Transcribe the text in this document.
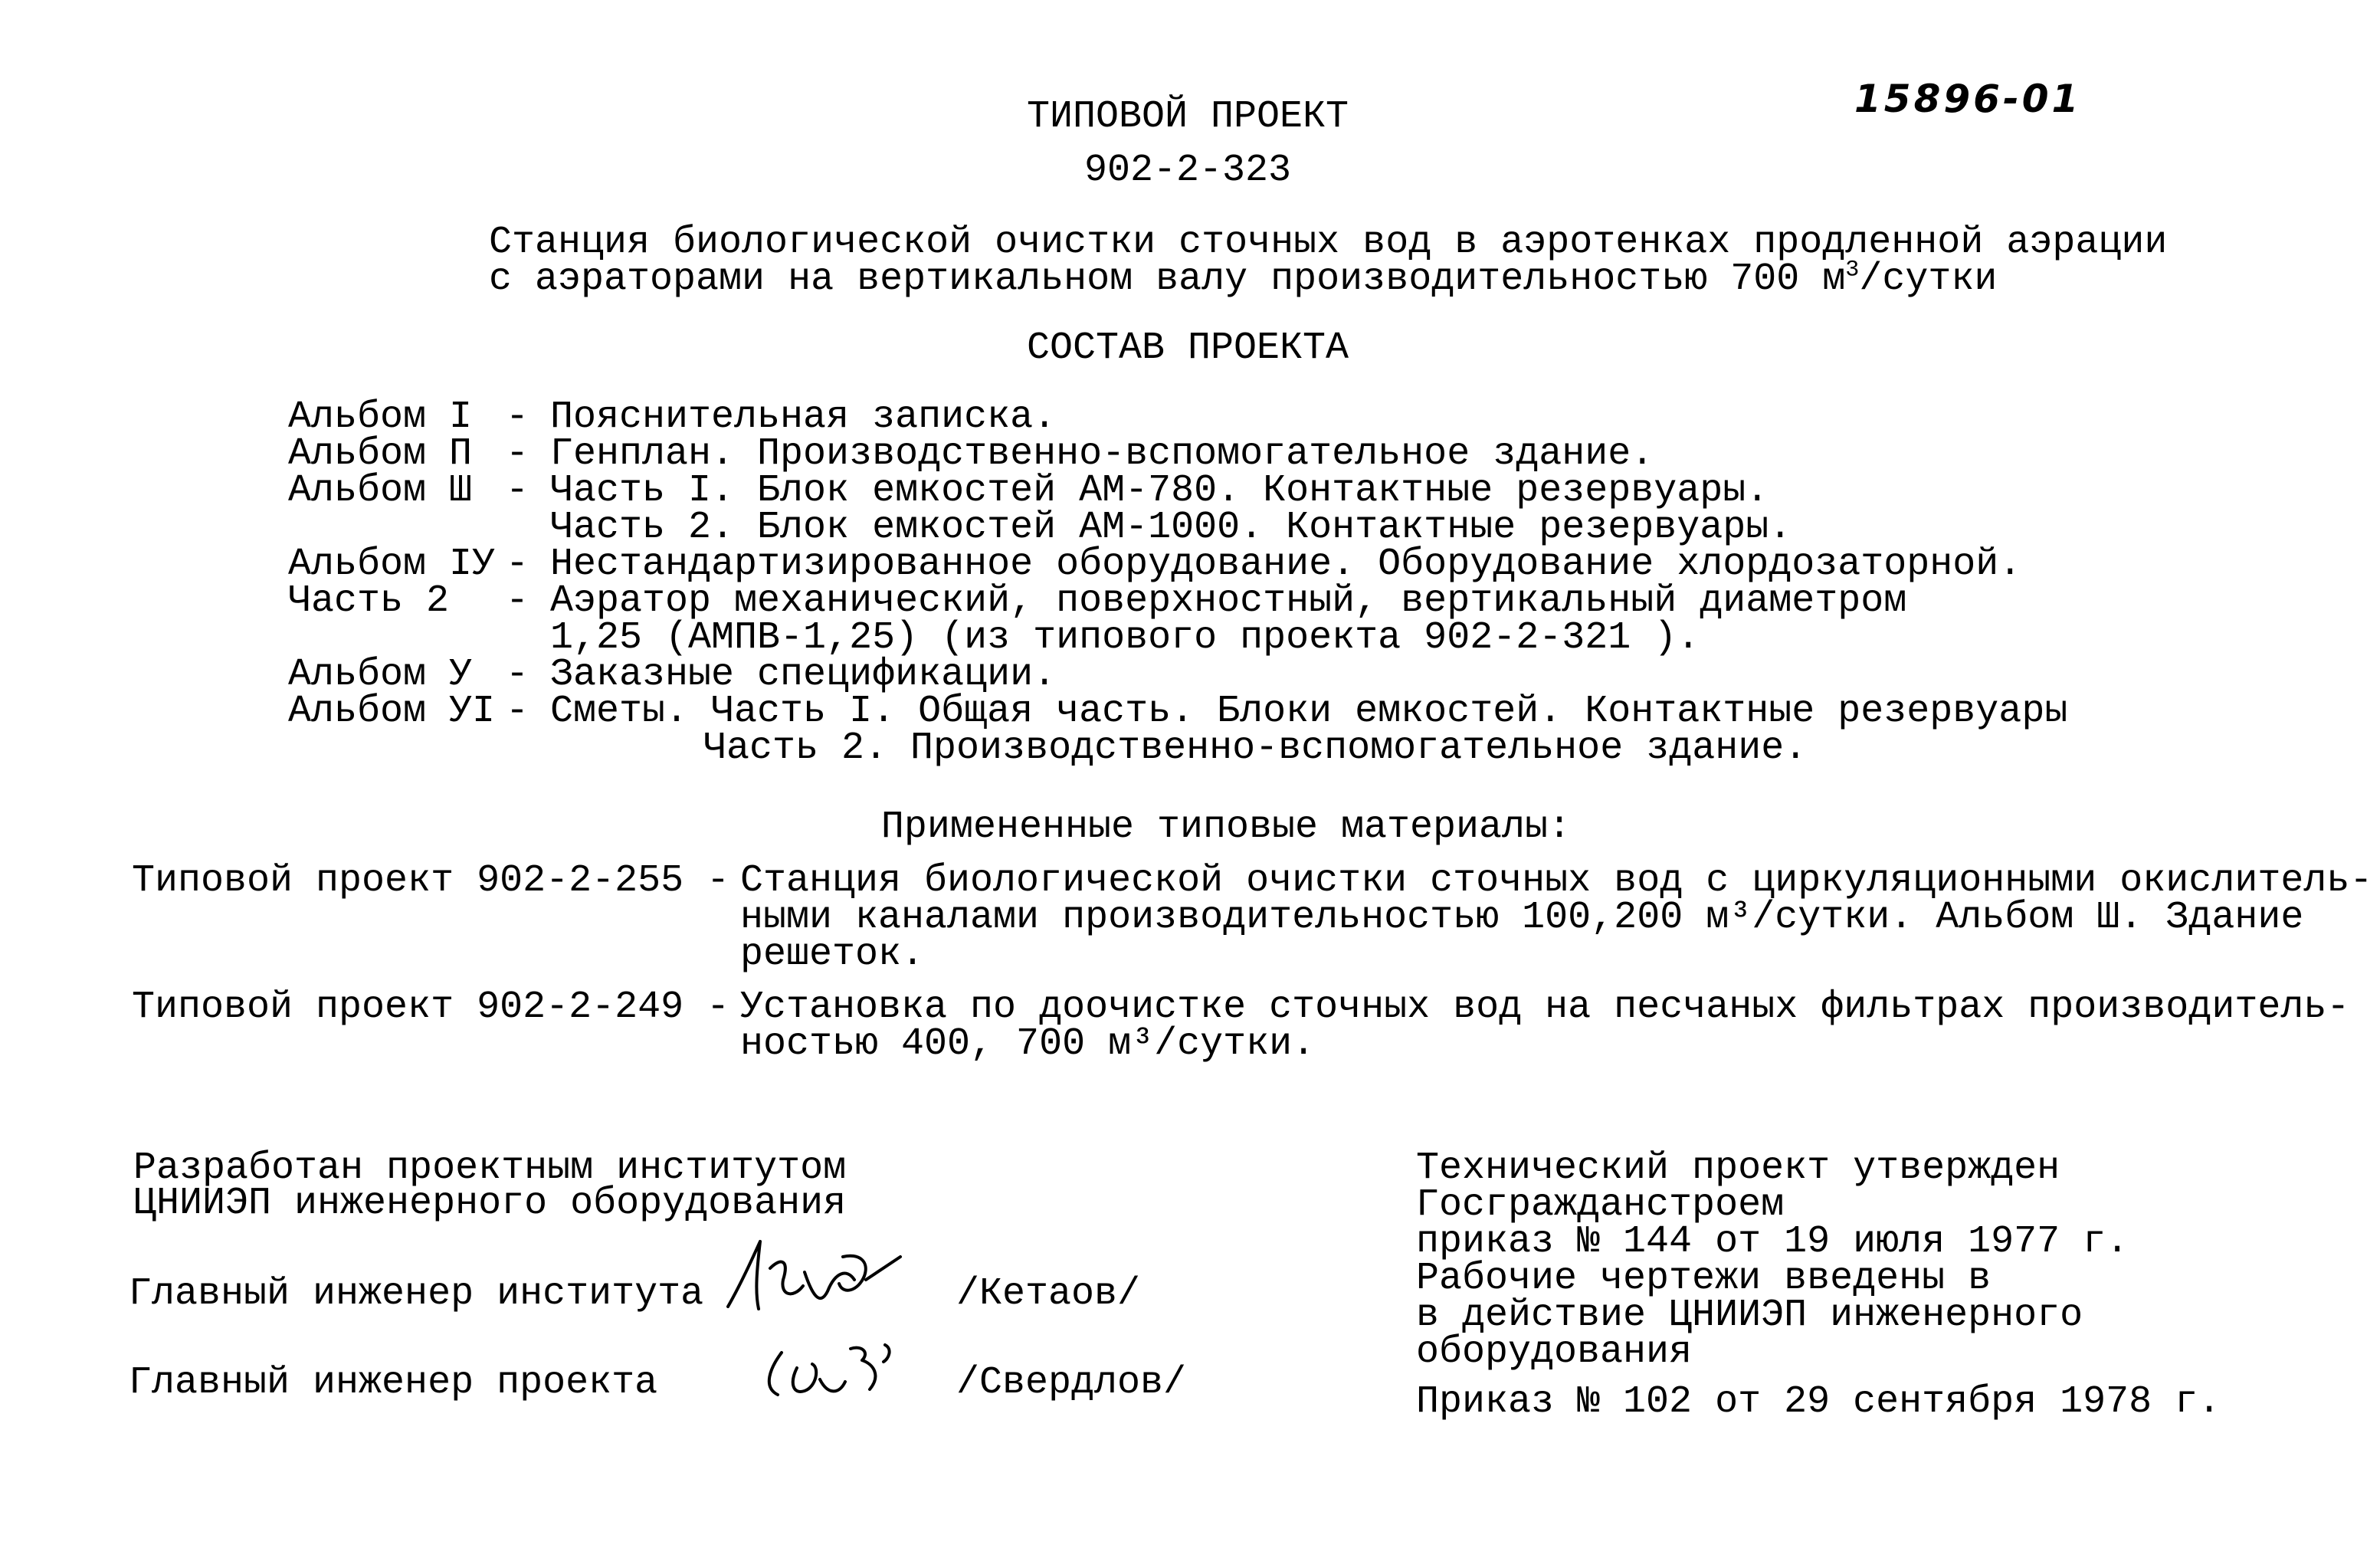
ТИПОВОЙ ПРОЕКТ
902-2-323
15896-01
Станция биологической очистки сточных вод в аэротенках продленной аэрации
с аэраторами на вертикальном валу производительностью 700 $м^3$/сутки
СОСТАВ ПРОЕКТА
Альбом I - Пояснительная записка.
Альбом П - Генплан. Производственно-вспомогательное здание.
Альбом Ш - Часть I. Блок емкостей АМ-780. Контактные резервуары.
Часть 2. Блок емкостей АМ-1000. Контактные резервуары.
Альбом IУ - Нестандартизированное оборудование. Оборудование хлордозаторной.
Часть 2 - Аэратор механический, поверхностный, вертикальный диаметром
1,25 (АМПВ-1,25) (из типового проекта 902-2-321 ).
Альбом У - Заказные спецификации.
Альбом УI - Сметы. Часть I. Общая часть. Блоки емкостей. Контактные резервуары
Часть 2. Производственно-вспомогательное здание.
Примененные типовые материалы:
Типовой проект 902-2-255 - Станция биологической очистки сточных вод с циркуляционными окислитель-
ными каналами производительностью 100,200 м³/сутки. Альбом Ш. Здание
решеток.
Типовой проект 902-2-249 - Установка по доочистке сточных вод на песчаных фильтрах производитель-
ностью 400, 700 м³/сутки.
Разработан проектным институтом
ЦНИИЭП инженерного оборудования
Главный инженер института	/Кетаов/
Главный инженер проекта	/Свердлов/
Технический проект утвержден
Госгражданстроем
приказ № 144 от 19 июля 1977 г.
Рабочие чертежи введены в
в действие ЦНИИЭП инженерного
оборудования
Приказ № 102 от 29 сентября 1978 г.
